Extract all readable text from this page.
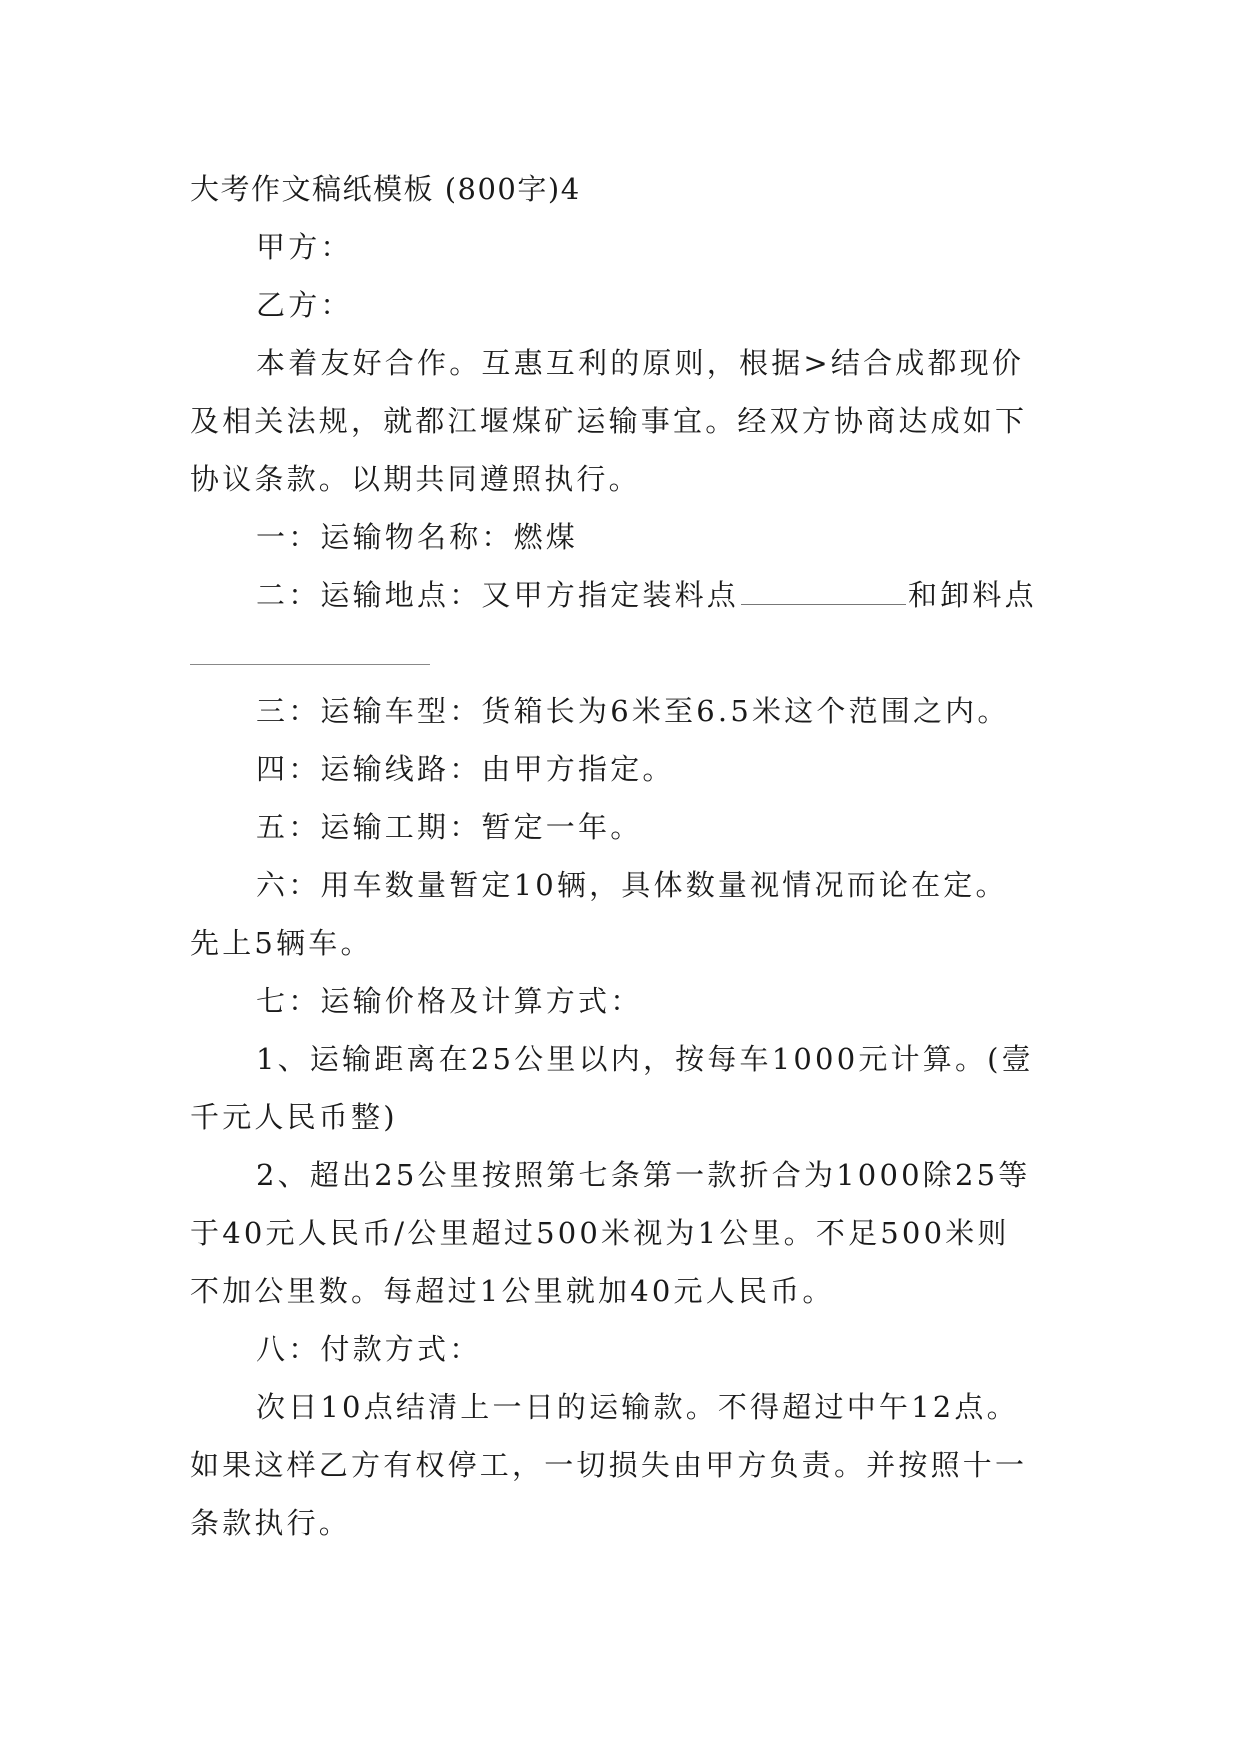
大考作文稿纸模板 (800字)4
甲方：
乙方：
本着友好合作。互惠互利的原则，根据>结合成都现价
及相关法规，就都江堰煤矿运输事宜。经双方协商达成如下
协议条款。以期共同遵照执行。
一：运输物名称：燃煤
二：运输地点：又甲方指定装料点	和卸料点
三：运输车型：货箱长为6米至6.5米这个范围之内。
四：运输线路：由甲方指定。
五：运输工期：暂定一年。
六：用车数量暂定10辆，具体数量视情况而论在定。
先上5辆车。
七：运输价格及计算方式：
1、运输距离在25公里以内，按每车1000元计算。(壹
千元人民币整)
2、超出25公里按照第七条第一款折合为1000除25等
于40元人民币/公里超过500米视为1公里。不足500米则
不加公里数。每超过1公里就加40元人民币。
八：付款方式：
次日10点结清上一日的运输款。不得超过中午12点。
如果这样乙方有权停工，一切损失由甲方负责。并按照十一
条款执行。
